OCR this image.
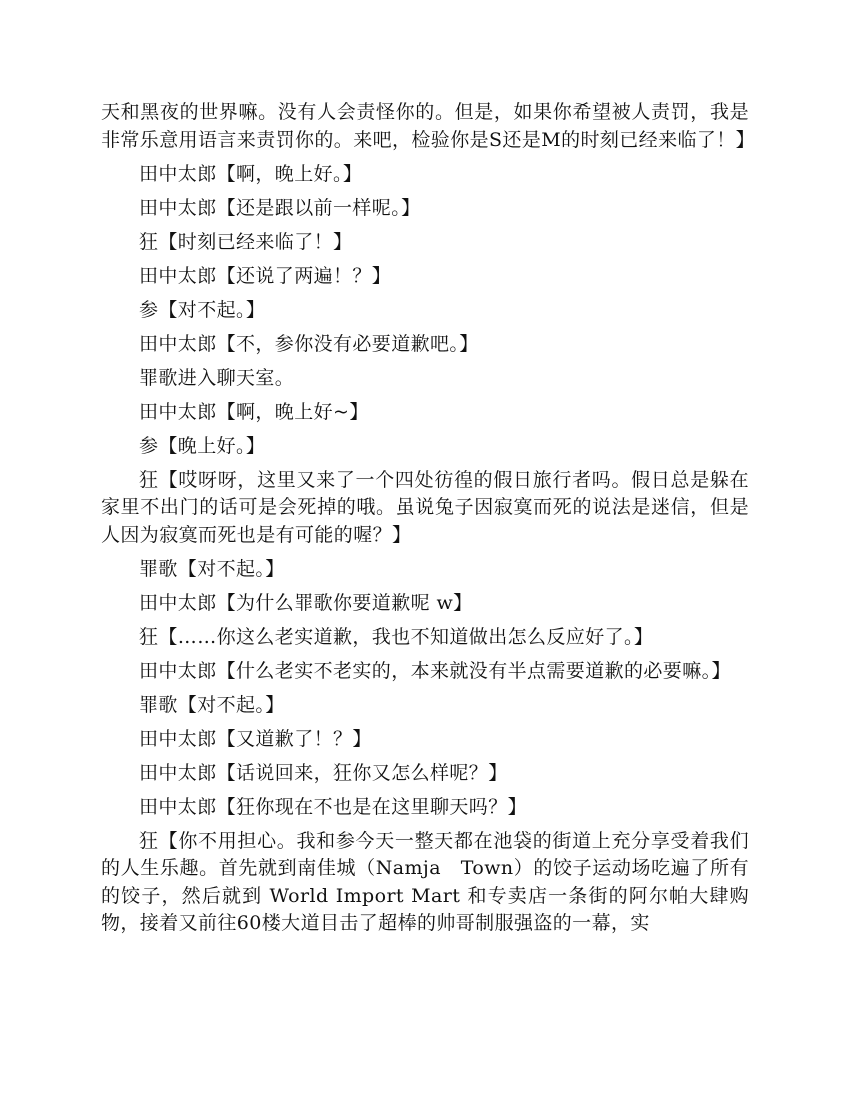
天和黑夜的世界嘛。没有人会责怪你的。但是，如果你希望被人责罚，我是非常乐意用语言来责罚你的。来吧，检验你是S还是M的时刻已经来临了！】

田中太郎【啊，晚上好。】

田中太郎【还是跟以前一样呢。】

狂【时刻已经来临了！】

田中太郎【还说了两遍！？】

参【对不起。】

田中太郎【不，参你没有必要道歉吧。】

罪歌进入聊天室。

田中太郎【啊，晚上好~】

参【晚上好。】

狂【哎呀呀，这里又来了一个四处彷徨的假日旅行者吗。假日总是躲在家里不出门的话可是会死掉的哦。虽说兔子因寂寞而死的说法是迷信，但是人因为寂寞而死也是有可能的喔？】

罪歌【对不起。】

田中太郎【为什么罪歌你要道歉呢 w】

狂【……你这么老实道歉，我也不知道做出怎么反应好了。】

田中太郎【什么老实不老实的，本来就没有半点需要道歉的必要嘛。】

罪歌【对不起。】

田中太郎【又道歉了！？】

田中太郎【话说回来，狂你又怎么样呢？】

田中太郎【狂你现在不也是在这里聊天吗？】

狂【你不用担心。我和参今天一整天都在池袋的街道上充分享受着我们的人生乐趣。首先就到南佳城（Namja　Town）的饺子运动场吃遍了所有的饺子，然后就到 World Import Mart 和专卖店一条街的阿尔帕大肆购物，接着又前往60楼大道目击了超棒的帅哥制服强盗的一幕，实
